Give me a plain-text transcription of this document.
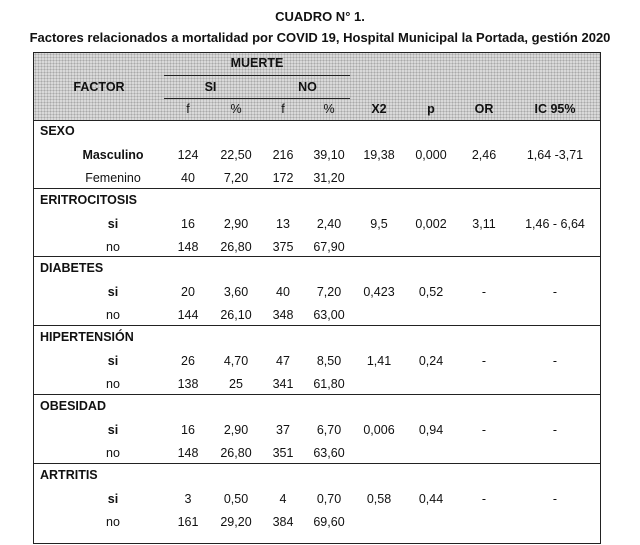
CUADRO N° 1.
Factores relacionados a mortalidad por COVID 19, Hospital Municipal la Portada, gestión 2020
FACTOR
MUERTE
SI	NO
f	%	f	%	X2	p	OR	IC 95%
SEXO
Masculino	124	22,50	216	39,10	19,38	0,000	2,46	1,64 -3,71
Femenino	40	7,20	172	31,20
ERITROCITOSIS
si	16	2,90	13	2,40	9,5	0,002	3,11	1,46 - 6,64
no	148	26,80	375	67,90
DIABETES
si	20	3,60	40	7,20	0,423	0,52	-	-
no	144	26,10	348	63,00
HIPERTENSIÓN
si	26	4,70	47	8,50	1,41	0,24	-	-
no	138	25	341	61,80
OBESIDAD
si	16	2,90	37	6,70	0,006	0,94	-	-
no	148	26,80	351	63,60
ARTRITIS
si	3	0,50	4	0,70	0,58	0,44	-	-
no	161	29,20	384	69,60
